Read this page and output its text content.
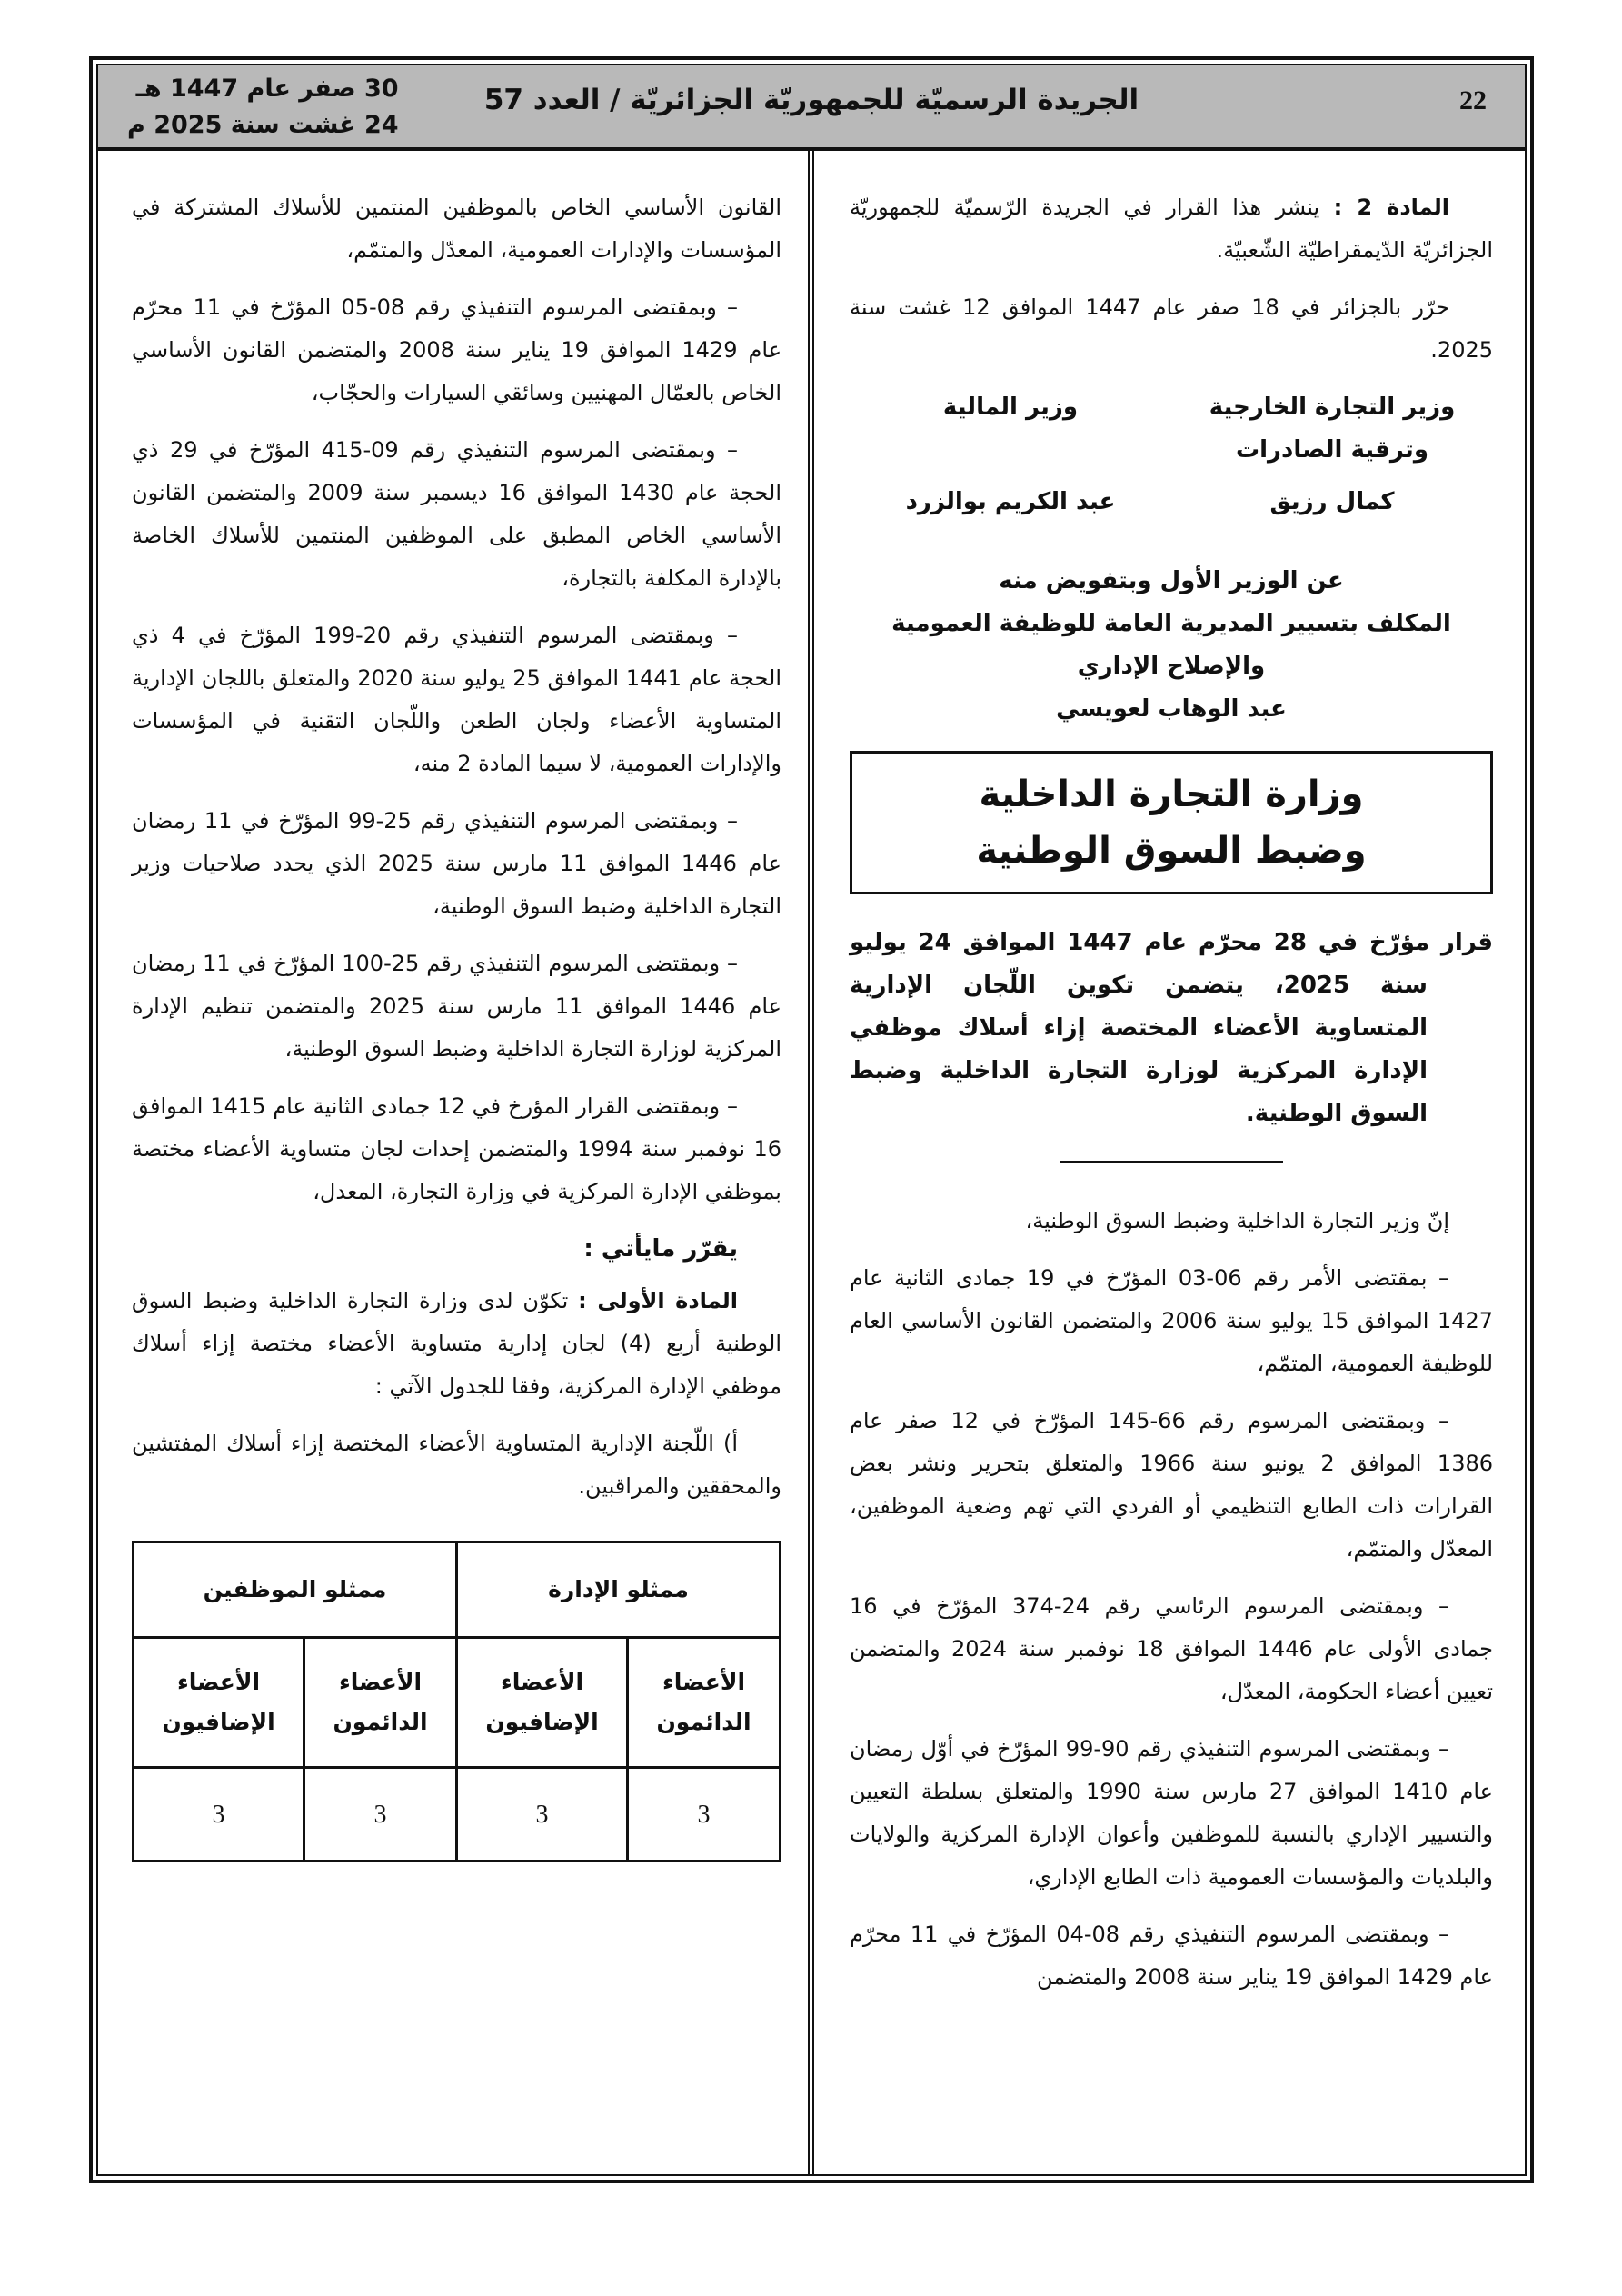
22
الجريدة الرسميّة للجمهوريّة الجزائريّة / العدد 57
30 صفر عام 1447 هـ
24 غشت سنة 2025 م

المادة 2 : ينشر هذا القرار في الجريدة الرّسميّة للجمهوريّة الجزائريّة الدّيمقراطيّة الشّعبيّة.

حرّر بالجزائر في 18 صفر عام 1447 الموافق 12 غشت سنة 2025.

وزير التجارة الخارجية وترقية الصادرات
كمال رزيق
وزير المالية
عبد الكريم بوالزرد
عن الوزير الأول وبتفويض منه
المكلف بتسيير المديرية العامة للوظيفة العمومية
والإصلاح الإداري
عبد الوهاب لعويسي
وزارة التجارة الداخلية
وضبط السوق الوطنية

قرار مؤرّخ في 28 محرّم عام 1447 الموافق 24 يوليو سنة 2025، يتضمن تكوين اللّجان الإدارية المتساوية الأعضاء المختصة إزاء أسلاك موظفي الإدارة المركزية لوزارة التجارة الداخلية وضبط السوق الوطنية.

إنّ وزير التجارة الداخلية وضبط السوق الوطنية،

– بمقتضى الأمر رقم 06-03 المؤرّخ في 19 جمادى الثانية عام 1427 الموافق 15 يوليو سنة 2006 والمتضمن القانون الأساسي العام للوظيفة العمومية، المتمّم،

– وبمقتضى المرسوم رقم 66-145 المؤرّخ في 12 صفر عام 1386 الموافق 2 يونيو سنة 1966 والمتعلق بتحرير ونشر بعض القرارات ذات الطابع التنظيمي أو الفردي التي تهم وضعية الموظفين، المعدّل والمتمّم،

– وبمقتضى المرسوم الرئاسي رقم 24-374 المؤرّخ في 16 جمادى الأولى عام 1446 الموافق 18 نوفمبر سنة 2024 والمتضمن تعيين أعضاء الحكومة، المعدّل،

– وبمقتضى المرسوم التنفيذي رقم 90-99 المؤرّخ في أوّل رمضان عام 1410 الموافق 27 مارس سنة 1990 والمتعلق بسلطة التعيين والتسيير الإداري بالنسبة للموظفين وأعوان الإدارة المركزية والولايات والبلديات والمؤسسات العمومية ذات الطابع الإداري،

– وبمقتضى المرسوم التنفيذي رقم 08-04 المؤرّخ في 11 محرّم عام 1429 الموافق 19 يناير سنة 2008 والمتضمن

القانون الأساسي الخاص بالموظفين المنتمين للأسلاك المشتركة في المؤسسات والإدارات العمومية، المعدّل والمتمّم،

– وبمقتضى المرسوم التنفيذي رقم 08-05 المؤرّخ في 11 محرّم عام 1429 الموافق 19 يناير سنة 2008 والمتضمن القانون الأساسي الخاص بالعمّال المهنيين وسائقي السيارات والحجّاب،

– وبمقتضى المرسوم التنفيذي رقم 09-415 المؤرّخ في 29 ذي الحجة عام 1430 الموافق 16 ديسمبر سنة 2009 والمتضمن القانون الأساسي الخاص المطبق على الموظفين المنتمين للأسلاك الخاصة بالإدارة المكلفة بالتجارة،

– وبمقتضى المرسوم التنفيذي رقم 20-199 المؤرّخ في 4 ذي الحجة عام 1441 الموافق 25 يوليو سنة 2020 والمتعلق باللجان الإدارية المتساوية الأعضاء ولجان الطعن واللّجان التقنية في المؤسسات والإدارات العمومية، لا سيما المادة 2 منه،

– وبمقتضى المرسوم التنفيذي رقم 25-99 المؤرّخ في 11 رمضان عام 1446 الموافق 11 مارس سنة 2025 الذي يحدد صلاحيات وزير التجارة الداخلية وضبط السوق الوطنية،

– وبمقتضى المرسوم التنفيذي رقم 25-100 المؤرّخ في 11 رمضان عام 1446 الموافق 11 مارس سنة 2025 والمتضمن تنظيم الإدارة المركزية لوزارة التجارة الداخلية وضبط السوق الوطنية،

– وبمقتضى القرار المؤرخ في 12 جمادى الثانية عام 1415 الموافق 16 نوفمبر سنة 1994 والمتضمن إحدات لجان متساوية الأعضاء مختصة بموظفي الإدارة المركزية في وزارة التجارة، المعدل،

يقرّر مايأتي :

المادة الأولى : تكوّن لدى وزارة التجارة الداخلية وضبط السوق الوطنية أربع (4) لجان إدارية متساوية الأعضاء مختصة إزاء أسلاك موظفي الإدارة المركزية، وفقا للجدول الآتي :

أ) اللّجنة الإدارية المتساوية الأعضاء المختصة إزاء أسلاك المفتشين والمحققين والمراقبين.

ممثلو الإدارة		ممثلو الموظفين	
الأعضاء الدائمون	الأعضاء الإضافيون	الأعضاء الدائمون	الأعضاء الإضافيون
3	3	3	3
